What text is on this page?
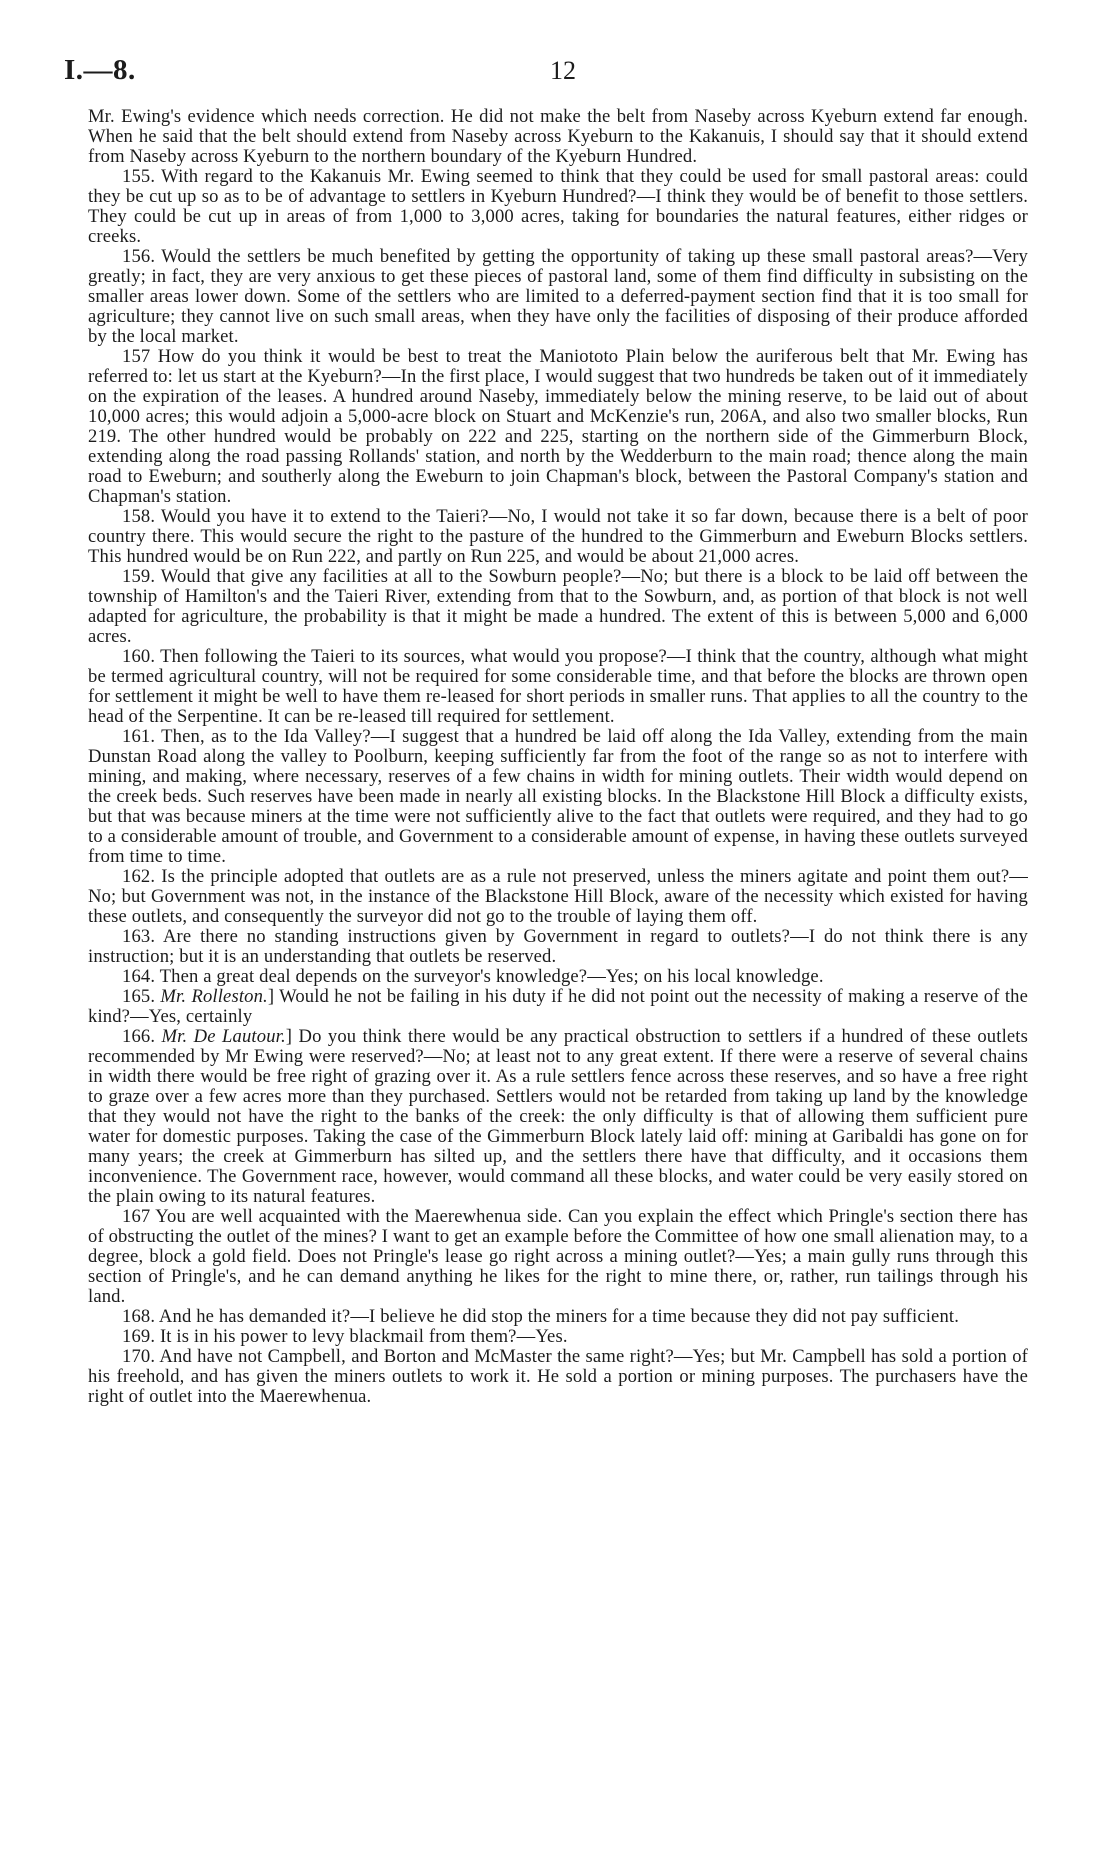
I.—8.	12

Mr. Ewing's evidence which needs correction. He did not make the belt from Naseby across Kyeburn extend far enough. When he said that the belt should extend from Naseby across Kyeburn to the Kakanuis, I should say that it should extend from Naseby across Kyeburn to the northern boundary of the Kyeburn Hundred.

155. With regard to the Kakanuis Mr. Ewing seemed to think that they could be used for small pastoral areas: could they be cut up so as to be of advantage to settlers in Kyeburn Hundred?—I think they would be of benefit to those settlers. They could be cut up in areas of from 1,000 to 3,000 acres, taking for boundaries the natural features, either ridges or creeks.

156. Would the settlers be much benefited by getting the opportunity of taking up these small pastoral areas?—Very greatly; in fact, they are very anxious to get these pieces of pastoral land, some of them find difficulty in subsisting on the smaller areas lower down. Some of the settlers who are limited to a deferred-payment section find that it is too small for agriculture; they cannot live on such small areas, when they have only the facilities of disposing of their produce afforded by the local market.

157 How do you think it would be best to treat the Maniototo Plain below the auriferous belt that Mr. Ewing has referred to: let us start at the Kyeburn?—In the first place, I would suggest that two hundreds be taken out of it immediately on the expiration of the leases. A hundred around Naseby, immediately below the mining reserve, to be laid out of about 10,000 acres; this would adjoin a 5,000-acre block on Stuart and McKenzie's run, 206A, and also two smaller blocks, Run 219. The other hundred would be probably on 222 and 225, starting on the northern side of the Gimmerburn Block, extending along the road passing Rollands' station, and north by the Wedderburn to the main road; thence along the main road to Eweburn; and southerly along the Eweburn to join Chapman's block, between the Pastoral Company's station and Chapman's station.

158. Would you have it to extend to the Taieri?—No, I would not take it so far down, because there is a belt of poor country there. This would secure the right to the pasture of the hundred to the Gimmerburn and Eweburn Blocks settlers. This hundred would be on Run 222, and partly on Run 225, and would be about 21,000 acres.

159. Would that give any facilities at all to the Sowburn people?—No; but there is a block to be laid off between the township of Hamilton's and the Taieri River, extending from that to the Sowburn, and, as portion of that block is not well adapted for agriculture, the probability is that it might be made a hundred. The extent of this is between 5,000 and 6,000 acres.

160. Then following the Taieri to its sources, what would you propose?—I think that the country, although what might be termed agricultural country, will not be required for some considerable time, and that before the blocks are thrown open for settlement it might be well to have them re-leased for short periods in smaller runs. That applies to all the country to the head of the Serpentine. It can be re-leased till required for settlement.

161. Then, as to the Ida Valley?—I suggest that a hundred be laid off along the Ida Valley, extending from the main Dunstan Road along the valley to Poolburn, keeping sufficiently far from the foot of the range so as not to interfere with mining, and making, where necessary, reserves of a few chains in width for mining outlets. Their width would depend on the creek beds. Such reserves have been made in nearly all existing blocks. In the Blackstone Hill Block a difficulty exists, but that was because miners at the time were not sufficiently alive to the fact that outlets were required, and they had to go to a considerable amount of trouble, and Government to a considerable amount of expense, in having these outlets surveyed from time to time.

162. Is the principle adopted that outlets are as a rule not preserved, unless the miners agitate and point them out?—No; but Government was not, in the instance of the Blackstone Hill Block, aware of the necessity which existed for having these outlets, and consequently the surveyor did not go to the trouble of laying them off.

163. Are there no standing instructions given by Government in regard to outlets?—I do not think there is any instruction; but it is an understanding that outlets be reserved.

164. Then a great deal depends on the surveyor's knowledge?—Yes; on his local knowledge.

165. Mr. Rolleston.] Would he not be failing in his duty if he did not point out the necessity of making a reserve of the kind?—Yes, certainly

166. Mr. De Lautour.] Do you think there would be any practical obstruction to settlers if a hundred of these outlets recommended by Mr Ewing were reserved?—No; at least not to any great extent. If there were a reserve of several chains in width there would be free right of grazing over it. As a rule settlers fence across these reserves, and so have a free right to graze over a few acres more than they purchased. Settlers would not be retarded from taking up land by the knowledge that they would not have the right to the banks of the creek: the only difficulty is that of allowing them sufficient pure water for domestic purposes. Taking the case of the Gimmerburn Block lately laid off: mining at Garibaldi has gone on for many years; the creek at Gimmerburn has silted up, and the settlers there have that difficulty, and it occasions them inconvenience. The Government race, however, would command all these blocks, and water could be very easily stored on the plain owing to its natural features.

167 You are well acquainted with the Maerewhenua side. Can you explain the effect which Pringle's section there has of obstructing the outlet of the mines? I want to get an example before the Committee of how one small alienation may, to a degree, block a gold field. Does not Pringle's lease go right across a mining outlet?—Yes; a main gully runs through this section of Pringle's, and he can demand anything he likes for the right to mine there, or, rather, run tailings through his land.

168. And he has demanded it?—I believe he did stop the miners for a time because they did not pay sufficient.

169. It is in his power to levy blackmail from them?—Yes.

170. And have not Campbell, and Borton and McMaster the same right?—Yes; but Mr. Campbell has sold a portion of his freehold, and has given the miners outlets to work it. He sold a portion or mining purposes. The purchasers have the right of outlet into the Maerewhenua.
